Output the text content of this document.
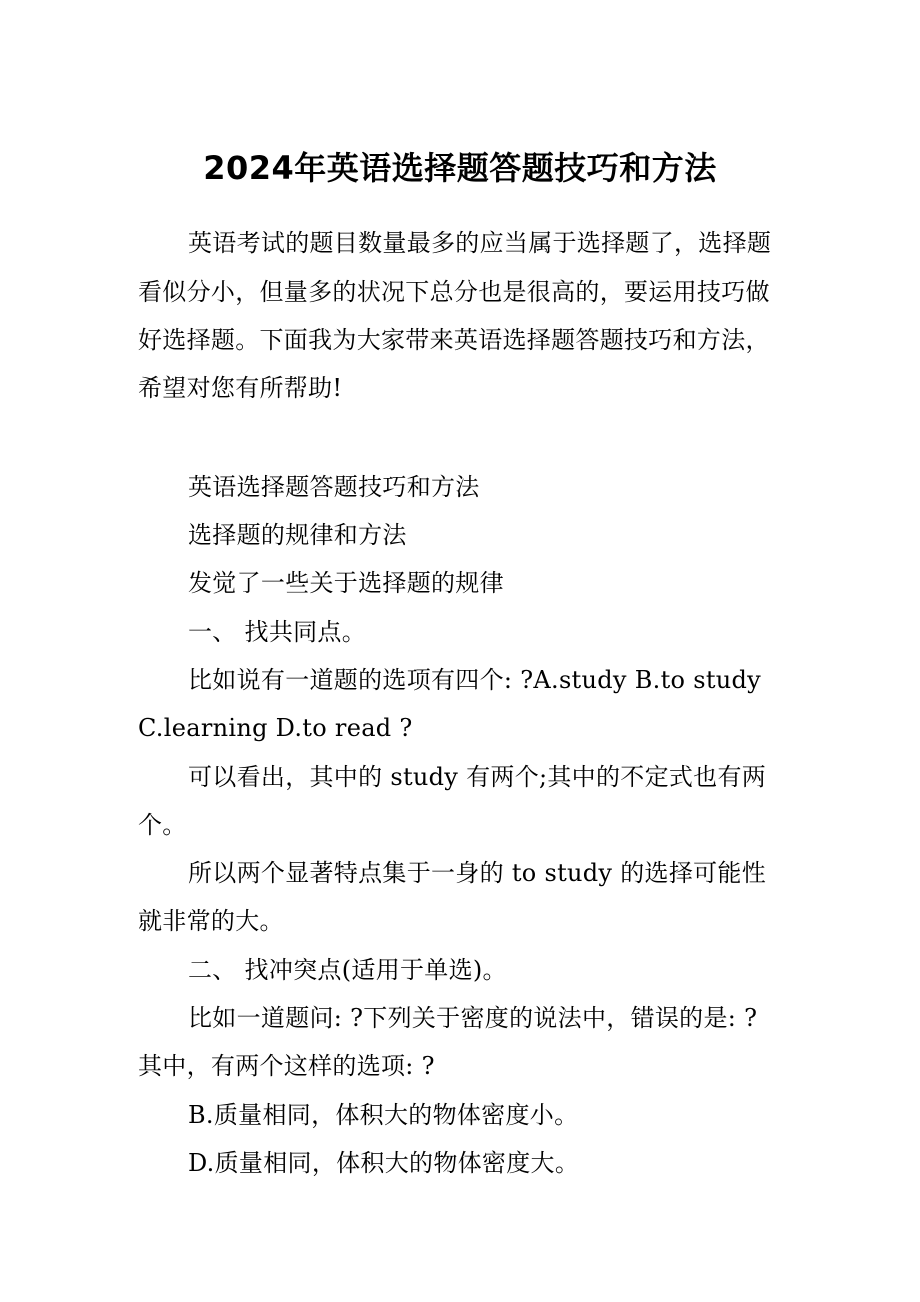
2024年英语选择题答题技巧和方法
英语考试的题目数量最多的应当属于选择题了，选择题
看似分小，但量多的状况下总分也是很高的，要运用技巧做
好选择题。下面我为大家带来英语选择题答题技巧和方法，
希望对您有所帮助!
英语选择题答题技巧和方法
选择题的规律和方法
发觉了一些关于选择题的规律
一、 找共同点。
比如说有一道题的选项有四个: ?A.study B.to study
C.learning D.to read ?
可以看出，其中的 study 有两个;其中的不定式也有两
个。
所以两个显著特点集于一身的 to study 的选择可能性
就非常的大。
二、 找冲突点(适用于单选)。
比如一道题问: ?下列关于密度的说法中，错误的是: ?
其中，有两个这样的选项: ?
B.质量相同，体积大的物体密度小。
D.质量相同，体积大的物体密度大。
